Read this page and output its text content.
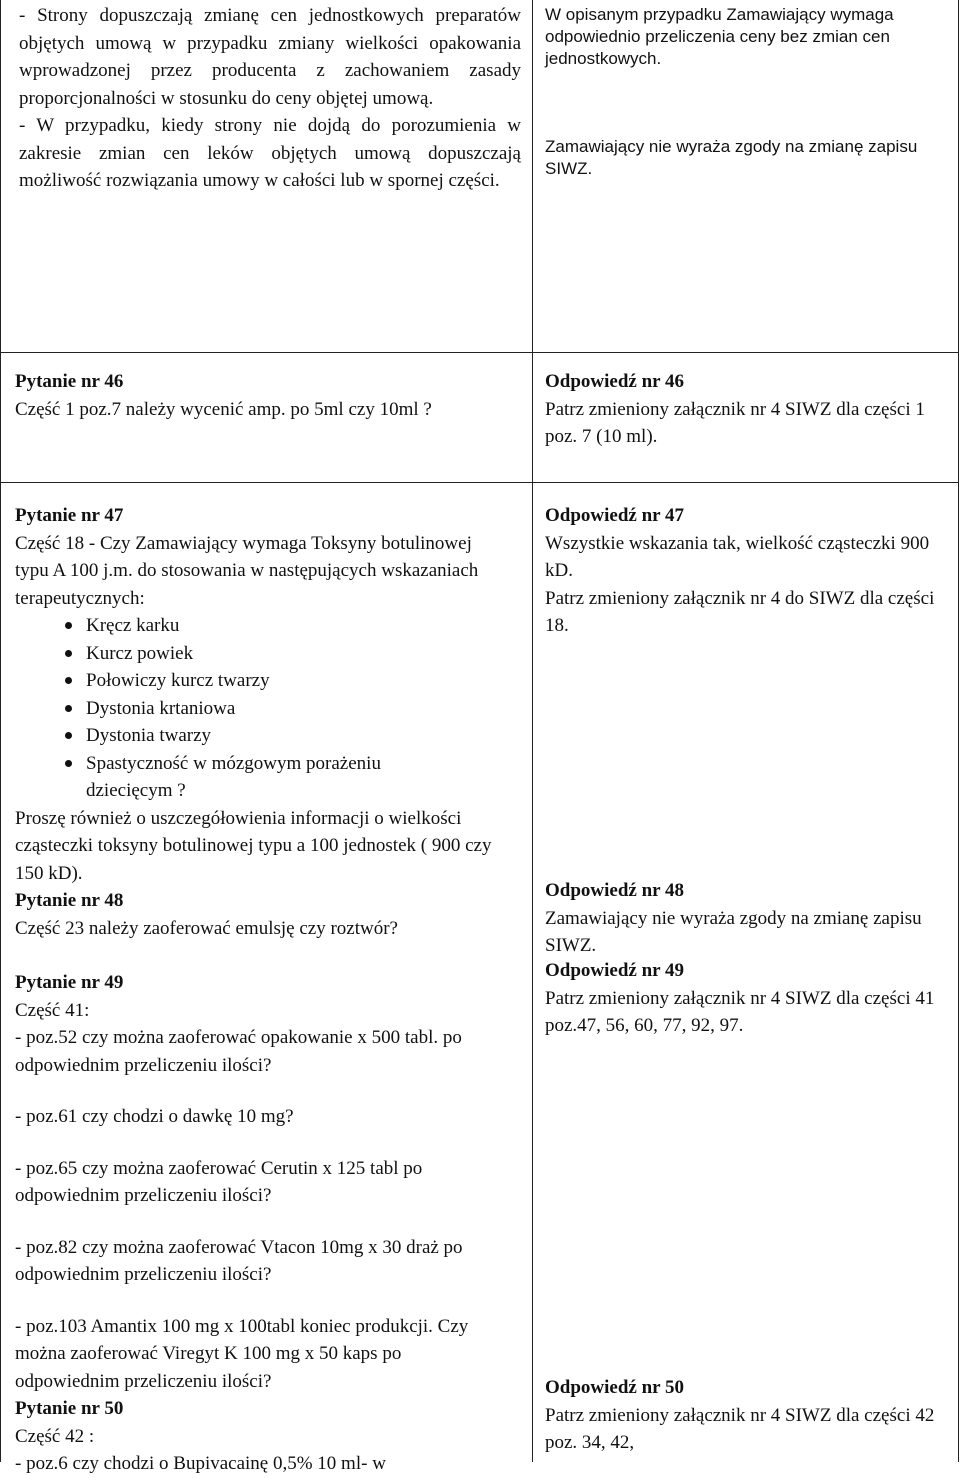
- Strony dopuszczają zmianę cen jednostkowych preparatów objętych umową w przypadku zmiany wielkości opakowania wprowadzonej przez producenta z zachowaniem zasady proporcjonalności w stosunku do ceny objętej umową.

- W przypadku, kiedy strony nie dojdą do porozumienia w zakresie zmian cen leków objętych umową dopuszczają możliwość rozwiązania umowy w całości lub w spornej części.

W opisanym przypadku Zamawiający wymaga odpowiednio przeliczenia ceny bez zmian cen jednostkowych.

Zamawiający nie wyraża zgody na zmianę zapisu SIWZ.

Pytanie nr 46

Część 1 poz.7 należy wycenić amp. po 5ml czy 10ml ?

Odpowiedź nr 46

Patrz zmieniony załącznik nr 4 SIWZ dla części 1 poz. 7 (10 ml).

Pytanie nr 47

Część 18 - Czy Zamawiający wymaga Toksyny botulinowej typu A 100 j.m. do stosowania w następujących wskazaniach terapeutycznych:

Kręcz karku
Kurcz powiek
Połowiczy kurcz twarzy
Dystonia krtaniowa
Dystonia twarzy
Spastyczność w mózgowym porażeniu
dziecięcym ?

Proszę również o uszczegółowienia informacji o wielkości cząsteczki toksyny botulinowej typu a 100 jednostek ( 900 czy 150 kD).

Pytanie nr 48

Część 23 należy zaoferować emulsję czy roztwór?

Pytanie nr 49

Część 41:

- poz.52 czy można zaoferować opakowanie x 500 tabl. po odpowiednim przeliczeniu ilości?

- poz.61 czy chodzi o dawkę 10 mg?

- poz.65 czy można zaoferować Cerutin x 125 tabl po odpowiednim przeliczeniu ilości?

- poz.82 czy można zaoferować Vtacon 10mg x 30 draż po odpowiednim przeliczeniu ilości?

- poz.103 Amantix 100 mg x 100tabl koniec produkcji. Czy można zaoferować Viregyt K 100 mg x 50 kaps po odpowiednim przeliczeniu ilości?

Pytanie nr 50

Część 42 :

- poz.6 czy chodzi o Bupivacainę 0,5% 10 ml- w

Odpowiedź nr 47

Wszystkie wskazania tak, wielkość cząsteczki 900 kD.

Patrz zmieniony załącznik nr 4 do SIWZ dla części 18.

Odpowiedź nr 48

Zamawiający nie wyraża zgody na zmianę zapisu SIWZ.

Odpowiedź nr 49

Patrz zmieniony załącznik nr 4 SIWZ dla części 41 poz.47, 56, 60, 77, 92, 97.

Odpowiedź nr 50

Patrz zmieniony załącznik nr 4 SIWZ dla części 42 poz. 34, 42,
